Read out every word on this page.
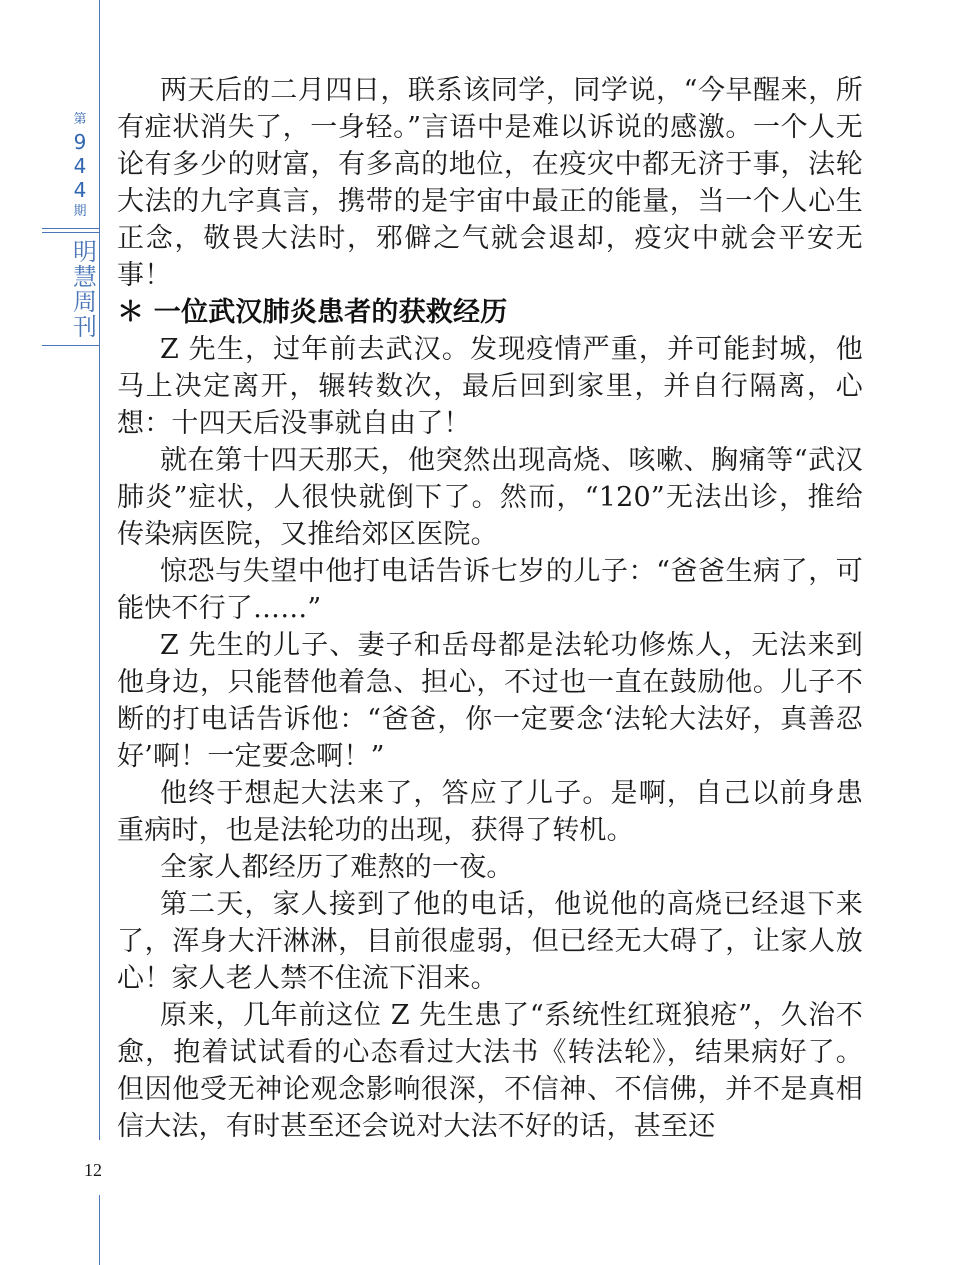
第
9
4
4
期
明
慧
周
刊
12

两天后的二月四日，联系该同学，同学说，“今早醒来，所有症状消失了，一身轻。”言语中是难以诉说的感激。一个人无论有多少的财富，有多高的地位，在疫灾中都无济于事，法轮大法的九字真言，携带的是宇宙中最正的能量，当一个人心生正念，敬畏大法时，邪僻之气就会退却，疫灾中就会平安无事！

＊ 一位武汉肺炎患者的获救经历

Z 先生，过年前去武汉。发现疫情严重，并可能封城，他马上决定离开，辗转数次，最后回到家里，并自行隔离，心想：十四天后没事就自由了！

就在第十四天那天，他突然出现高烧、咳嗽、胸痛等“武汉肺炎”症状，人很快就倒下了。然而，“120”无法出诊，推给传染病医院，又推给郊区医院。

惊恐与失望中他打电话告诉七岁的儿子：“爸爸生病了，可能快不行了……”

Z 先生的儿子、妻子和岳母都是法轮功修炼人，无法来到他身边，只能替他着急、担心，不过也一直在鼓励他。儿子不断的打电话告诉他：“爸爸，你一定要念‘法轮大法好，真善忍好’啊！一定要念啊！”

他终于想起大法来了，答应了儿子。是啊，自己以前身患重病时，也是法轮功的出现，获得了转机。

全家人都经历了难熬的一夜。

第二天，家人接到了他的电话，他说他的高烧已经退下来了，浑身大汗淋淋，目前很虚弱，但已经无大碍了，让家人放心！家人老人禁不住流下泪来。

原来，几年前这位 Z 先生患了“系统性红斑狼疮”，久治不愈，抱着试试看的心态看过大法书《转法轮》，结果病好了。但因他受无神论观念影响很深，不信神、不信佛，并不是真相信大法，有时甚至还会说对大法不好的话，甚至还
